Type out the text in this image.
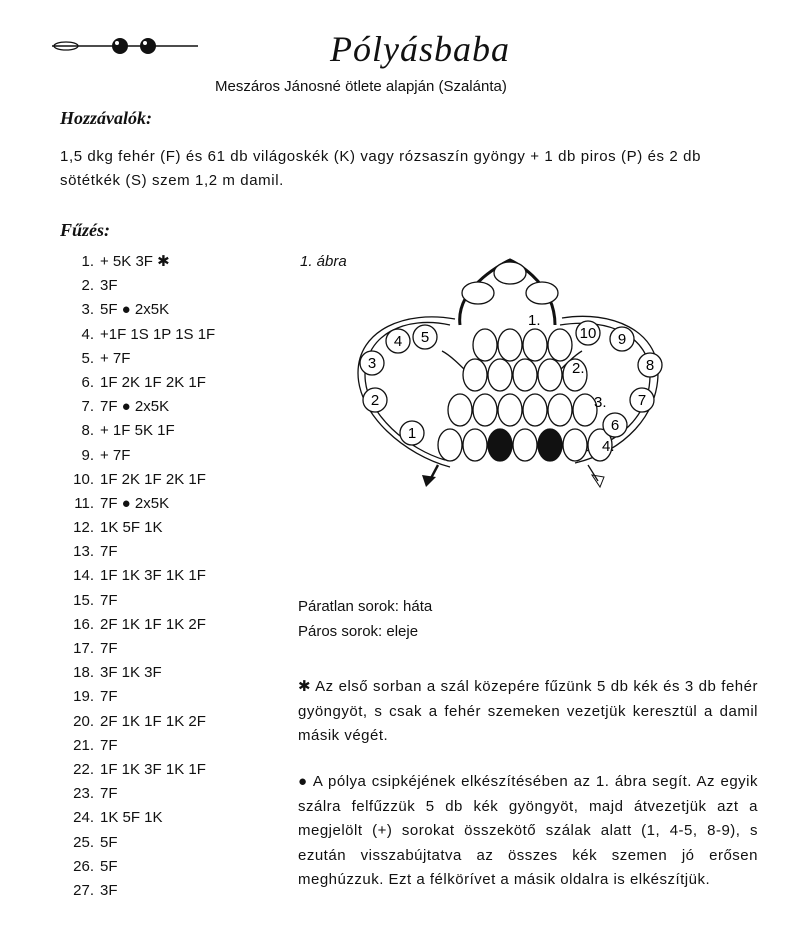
Pólyásbaba
Meszáros Jánosné ötlete alapján (Szalánta)
Hozzávalók:
1,5 dkg fehér (F) és 61 db világoskék (K) vagy rózsaszín gyöngy + 1 db piros (P) és 2 db sötétkék (S) szem 1,2 m damil.
Fűzés:
1. + 5K 3F ✱
2. 3F
3. 5F ● 2x5K
4. +1F 1S 1P 1S 1F
5. + 7F
6. 1F 2K 1F 2K 1F
7. 7F ● 2x5K
8. + 1F 5K 1F
9. + 7F
10. 1F 2K 1F 2K 1F
11. 7F ● 2x5K
12. 1K 5F 1K
13. 7F
14. 1F 1K 3F 1K 1F
15. 7F
16. 2F 1K 1F 1K 2F
17. 7F
18. 3F 1K 3F
19. 7F
20. 2F 1K 1F 1K 2F
21. 7F
22. 1F 1K 3F 1K 1F
23. 7F
24. 1K 5F 1K
25. 5F
26. 5F
27. 3F
1. ábra
1
2
3
4 5
6
7
8
9
10
1.
2.
3.
4.
Páratlan sorok: háta
Páros sorok: eleje
✱ Az első sorban a szál közepére fűzünk 5 db kék és 3 db fehér gyöngyöt, s csak a fehér szemeken vezetjük keresztül a damil másik végét.
● A pólya csipkéjének elkészítésében az 1. ábra segít. Az egyik szálra felfűzzük 5 db kék gyöngyöt, majd átvezetjük azt a megjelölt (+) sorokat összekötő szálak alatt (1, 4-5, 8-9), s ezután visszabújtatva az összes kék szemen jó erősen meghúzzuk. Ezt a félkörívet a másik oldalra is elkészítjük.
